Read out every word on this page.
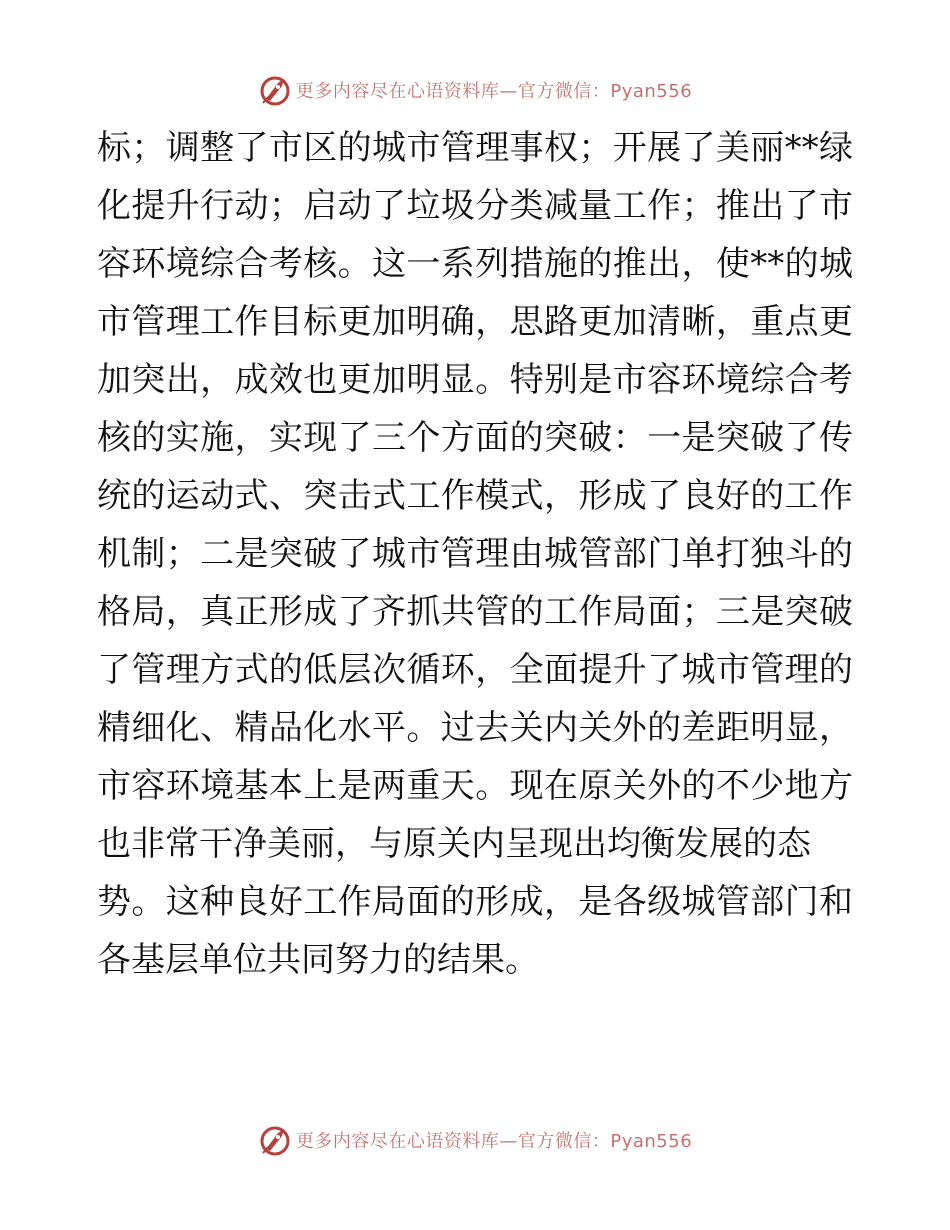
更多内容尽在心语资料库—官方微信：Pyan556
标；调整了市区的城市管理事权；开展了美丽**绿
化提升行动；启动了垃圾分类减量工作；推出了市
容环境综合考核。这一系列措施的推出，使**的城
市管理工作目标更加明确，思路更加清晰，重点更
加突出，成效也更加明显。特别是市容环境综合考
核的实施，实现了三个方面的突破：一是突破了传
统的运动式、突击式工作模式，形成了良好的工作
机制；二是突破了城市管理由城管部门单打独斗的
格局，真正形成了齐抓共管的工作局面；三是突破
了管理方式的低层次循环，全面提升了城市管理的
精细化、精品化水平。过去关内关外的差距明显，
市容环境基本上是两重天。现在原关外的不少地方
也非常干净美丽，与原关内呈现出均衡发展的态
势。这种良好工作局面的形成，是各级城管部门和
各基层单位共同努力的结果。
更多内容尽在心语资料库—官方微信：Pyan556
